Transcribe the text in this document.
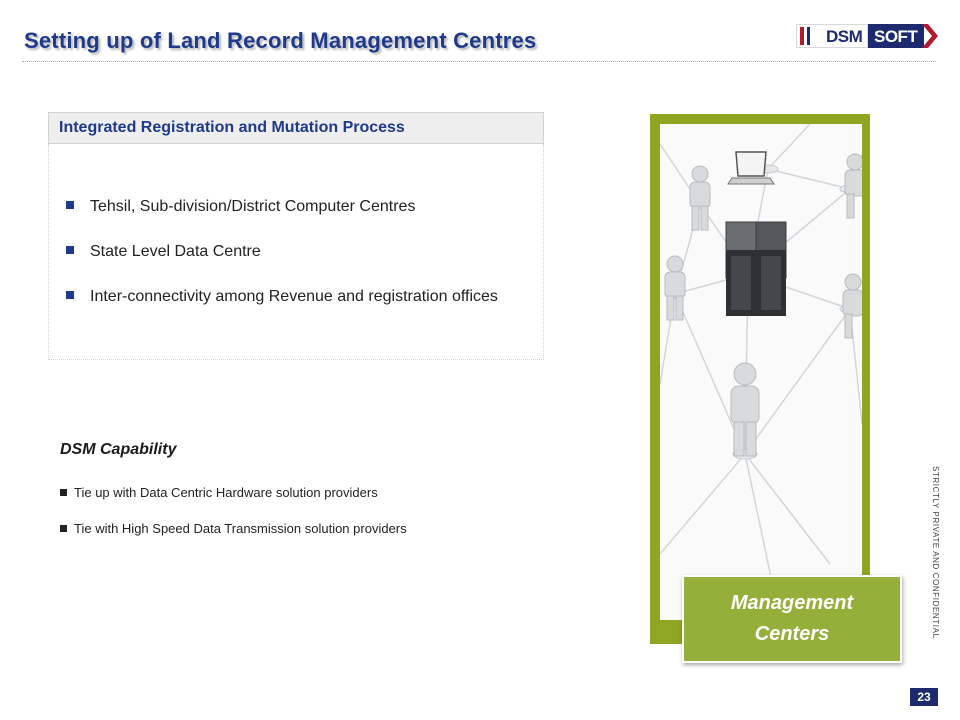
Setting up of Land Record Management Centres	DSM SOFT
Integrated Registration and Mutation Process
Tehsil, Sub-division/District Computer Centres
State Level Data Centre
Inter-connectivity among Revenue and registration offices
DSM Capability
Tie up with Data Centric Hardware solution providers
Tie with High Speed Data Transmission solution providers
Management
Centers	STRICTLY PRIVATE AND CONFIDENTIAL
23
